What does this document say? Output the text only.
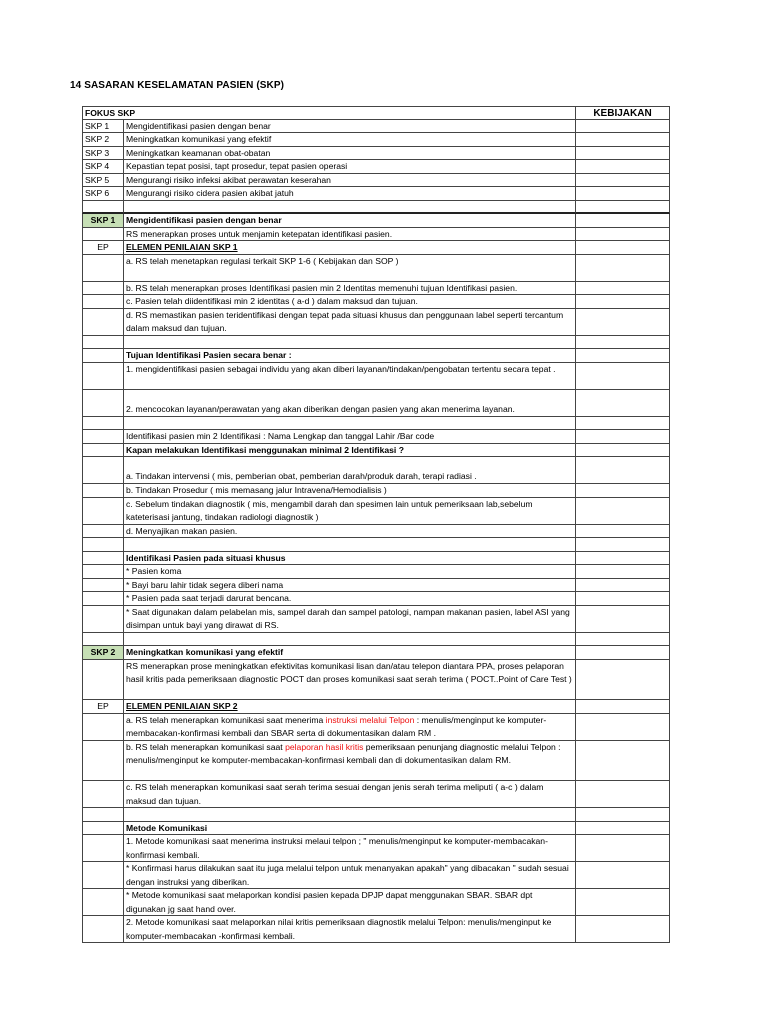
14 SASARAN KESELAMATAN PASIEN (SKP)
FOKUS SKP	KEBIJAKAN
SKP 1	Mengidentifikasi pasien dengan benar
SKP 2	Meningkatkan komunikasi yang efektif
SKP 3	Meningkatkan keamanan obat-obatan
SKP 4	Kepastian tepat posisi, tapt prosedur, tepat pasien operasi
SKP 5	Mengurangi risiko infeksi akibat perawatan keserahan
SKP 6	Mengurangi risiko cidera pasien akibat jatuh
SKP 1	Mengidentifikasi pasien dengan benar
RS menerapkan proses untuk menjamin ketepatan identifikasi pasien.
EP	ELEMEN PENILAIAN SKP 1
a. RS telah menetapkan regulasi terkait SKP 1-6 ( Kebijakan dan SOP )
b. RS telah menerapkan proses Identifikasi pasien min 2 Identitas memenuhi tujuan Identifikasi pasien.
c. Pasien telah diidentifikasi min 2 identitas ( a-d ) dalam maksud dan tujuan.
d. RS memastikan pasien teridentifikasi dengan tepat pada situasi khusus dan penggunaan label seperti tercantum dalam maksud dan tujuan.
Tujuan Identifikasi Pasien secara benar :
1. mengidentifikasi pasien sebagai individu yang akan diberi layanan/tindakan/pengobatan tertentu secara tepat .
2. mencocokan layanan/perawatan yang akan diberikan dengan pasien yang akan menerima layanan.
Identifikasi pasien min 2 Identifikasi : Nama Lengkap dan tanggal Lahir /Bar code
Kapan melakukan Identifikasi menggunakan minimal 2 Identifikasi ?
a. Tindakan intervensi ( mis, pemberian obat, pemberian darah/produk darah, terapi radiasi .
b. Tindakan Prosedur ( mis memasang jalur Intravena/Hemodialisis )
c. Sebelum tindakan diagnostik ( mis, mengambil darah dan spesimen lain untuk pemeriksaan lab,sebelum kateterisasi jantung, tindakan radiologi diagnostik )
d. Menyajikan makan pasien.
Identifikasi Pasien pada situasi khusus
* Pasien koma
* Bayi baru lahir tidak segera diberi nama
* Pasien pada saat terjadi darurat bencana.
* Saat digunakan dalam pelabelan mis, sampel darah dan sampel patologi, nampan makanan pasien, label ASI yang disimpan untuk bayi yang dirawat di RS.
SKP 2	Meningkatkan komunikasi yang efektif
RS menerapkan prose meningkatkan efektivitas komunikasi lisan dan/atau telepon diantara PPA, proses pelaporan hasil kritis pada pemeriksaan diagnostic POCT dan proses komunikasi saat serah terima ( POCT..Point of Care Test )
EP	ELEMEN PENILAIAN SKP 2
a. RS telah menerapkan komunikasi saat menerima instruksi melalui Telpon : menulis/menginput ke komputer-membacakan-konfirmasi kembali dan SBAR serta di dokumentasikan dalam RM .
b. RS telah menerapkan komunikasi saat pelaporan hasil kritis pemeriksaan penunjang diagnostic melalui Telpon : menulis/menginput ke komputer-membacakan-konfirmasi kembali dan di dokumentasikan dalam RM.
c. RS telah menerapkan komunikasi saat serah terima sesuai dengan jenis serah terima meliputi ( a-c ) dalam maksud dan tujuan.
Metode Komunikasi
1. Metode komunikasi saat menerima instruksi melaui telpon ; " menulis/menginput ke komputer-membacakan-konfirmasi kembali.
* Konfirmasi harus dilakukan saat itu juga melalui telpon untuk menanyakan apakah" yang dibacakan " sudah sesuai dengan instruksi yang diberikan.
* Metode komunikasi saat melaporkan kondisi pasien kepada DPJP dapat menggunakan SBAR. SBAR dpt digunakan jg saat hand over.
2. Metode komunikasi saat melaporkan nilai kritis pemeriksaan diagnostik melalui Telpon: menulis/menginput ke komputer-membacakan -konfirmasi kembali.
